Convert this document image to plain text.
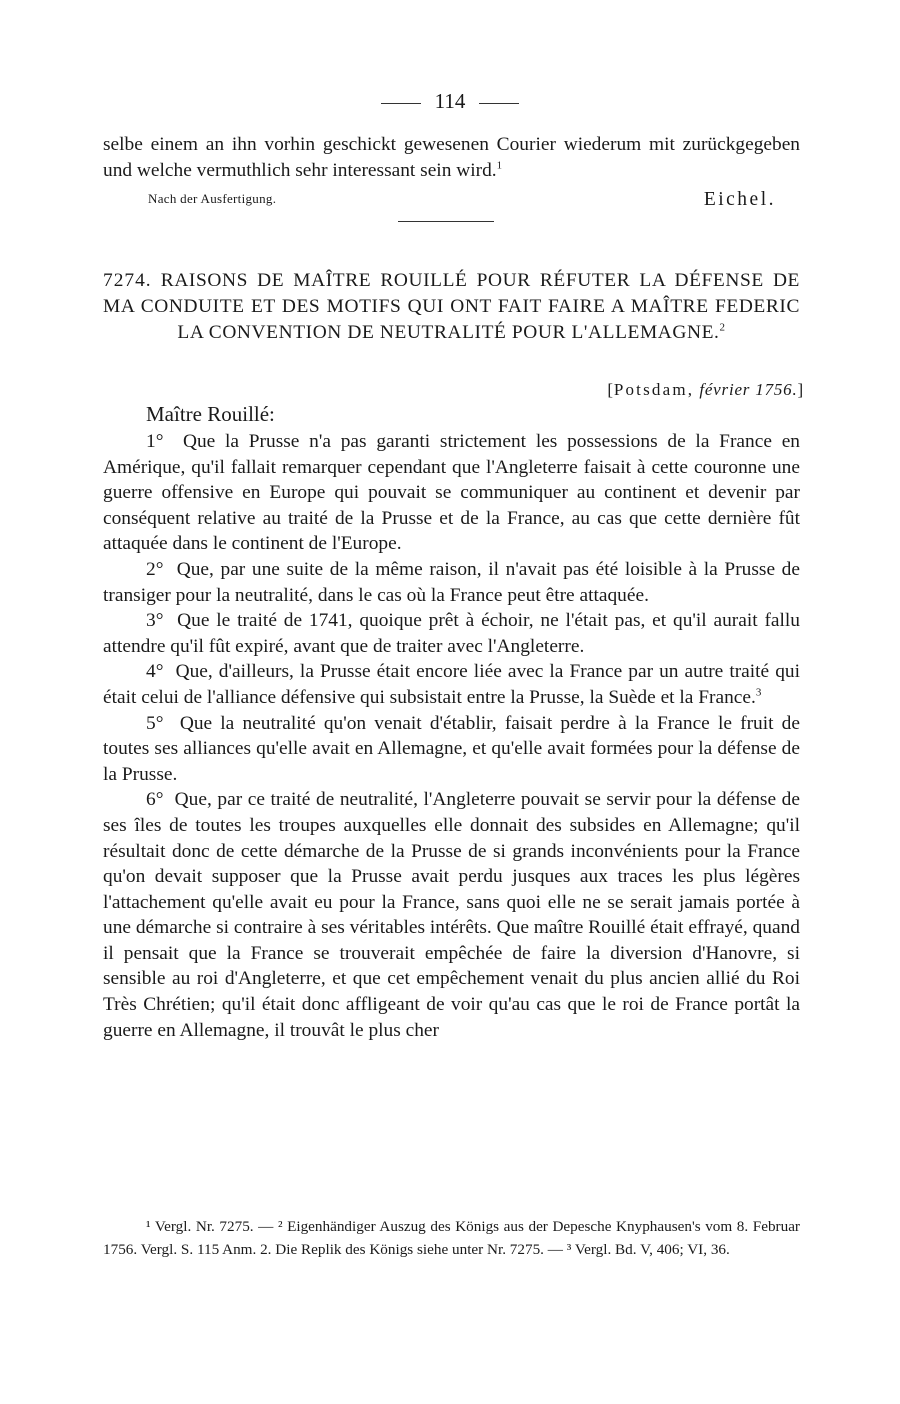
114

selbe einem an ihn vorhin geschickt gewesenen Courier wiederum mit zurückgegeben und welche vermuthlich sehr interessant sein wird.$^1$

Nach der Ausfertigung.	Eichel.
7274. RAISONS DE MAÎTRE ROUILLÉ POUR RÉFUTER LA DÉFENSE DE MA CONDUITE ET DES MOTIFS QUI ONT FAIT FAIRE A MAÎTRE FEDERIC LA CONVENTION DE NEUTRALITÉ POUR L'ALLEMAGNE.$^2$
[Potsdam, février 1756.]
Maître Rouillé:

1° Que la Prusse n'a pas garanti strictement les possessions de la France en Amérique, qu'il fallait remarquer cependant que l'Angleterre faisait à cette couronne une guerre offensive en Europe qui pouvait se communiquer au continent et devenir par conséquent relative au traité de la Prusse et de la France, au cas que cette dernière fût attaquée dans le continent de l'Europe.

2° Que, par une suite de la même raison, il n'avait pas été loisible à la Prusse de transiger pour la neutralité, dans le cas où la France peut être attaquée.

3° Que le traité de 1741, quoique prêt à échoir, ne l'était pas, et qu'il aurait fallu attendre qu'il fût expiré, avant que de traiter avec l'Angleterre.

4° Que, d'ailleurs, la Prusse était encore liée avec la France par un autre traité qui était celui de l'alliance défensive qui subsistait entre la Prusse, la Suède et la France.$^3$

5° Que la neutralité qu'on venait d'établir, faisait perdre à la France le fruit de toutes ses alliances qu'elle avait en Allemagne, et qu'elle avait formées pour la défense de la Prusse.

6° Que, par ce traité de neutralité, l'Angleterre pouvait se servir pour la défense de ses îles de toutes les troupes auxquelles elle donnait des subsides en Allemagne; qu'il résultait donc de cette démarche de la Prusse de si grands inconvénients pour la France qu'on devait supposer que la Prusse avait perdu jusques aux traces les plus légères l'attachement qu'elle avait eu pour la France, sans quoi elle ne se serait jamais portée à une démarche si contraire à ses véritables intérêts. Que maître Rouillé était effrayé, quand il pensait que la France se trouverait empêchée de faire la diversion d'Hanovre, si sensible au roi d'Angleterre, et que cet empêchement venait du plus ancien allié du Roi Très Chrétien; qu'il était donc affligeant de voir qu'au cas que le roi de France portât la guerre en Allemagne, il trouvât le plus cher

¹ Vergl. Nr. 7275. — ² Eigenhändiger Auszug des Königs aus der Depesche Knyphausen's vom 8. Februar 1756. Vergl. S. 115 Anm. 2. Die Replik des Königs siehe unter Nr. 7275. — ³ Vergl. Bd. V, 406; VI, 36.
